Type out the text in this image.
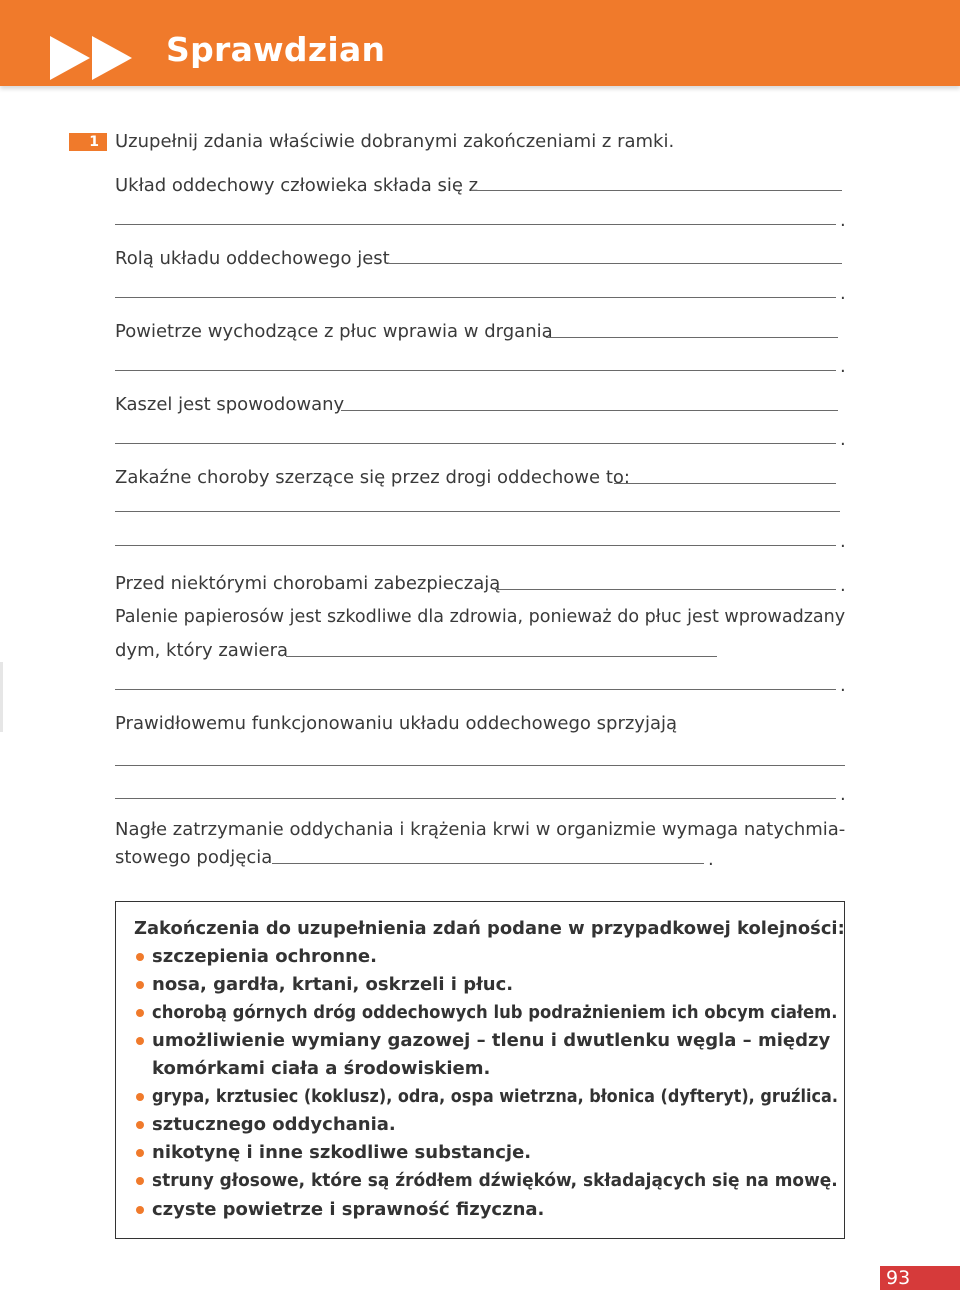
Sprawdzian
1 Uzupełnij zdania właściwie dobranymi zakończeniami z ramki.
Układ oddechowy człowieka składa się z
.
Rolą układu oddechowego jest
.
Powietrze wychodzące z płuc wprawia w drgania
.
Kaszel jest spowodowany
.
Zakaźne choroby szerzące się przez drogi oddechowe to:
.
Przed niektórymi chorobami zabezpieczają	.
Palenie papierosów jest szkodliwe dla zdrowia, ponieważ do płuc jest wprowadzany
dym, który zawiera
.
Prawidłowemu funkcjonowaniu układu oddechowego sprzyjają
.
Nagłe zatrzymanie oddychania i krążenia krwi w organizmie wymaga natychmia-
stowego podjęcia	.
Zakończenia do uzupełnienia zdań podane w przypadkowej kolejności:
szczepienia ochronne.
nosa, gardła, krtani, oskrzeli i płuc.
chorobą górnych dróg oddechowych lub podrażnieniem ich obcym ciałem.
umożliwienie wymiany gazowej – tlenu i dwutlenku węgla – między
komórkami ciała a środowiskiem.
grypa, krztusiec (koklusz), odra, ospa wietrzna, błonica (dyfteryt), gruźlica.
sztucznego oddychania.
nikotynę i inne szkodliwe substancje.
struny głosowe, które są źródłem dźwięków, składających się na mowę.
czyste powietrze i sprawność fizyczna.
93
